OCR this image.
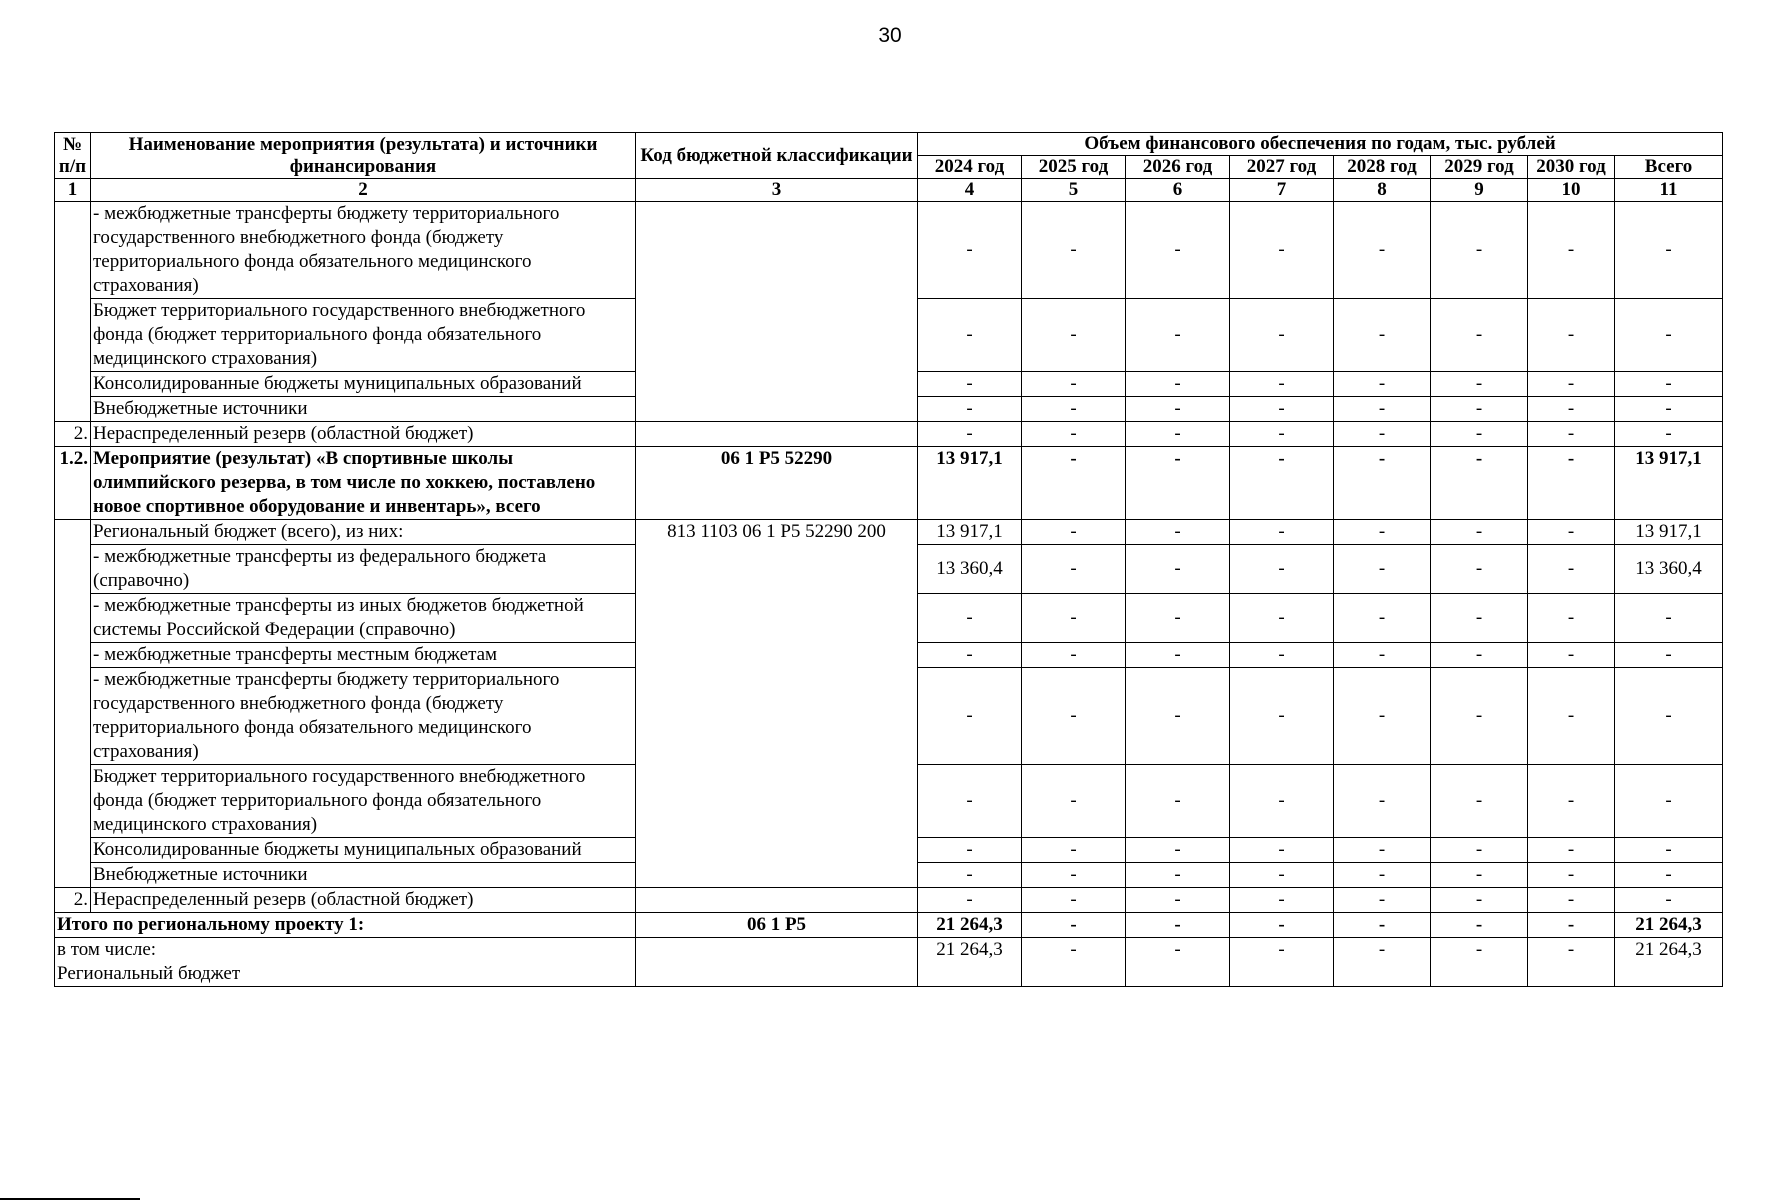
30
№ п/п	Наименование мероприятия (результата) и источники финансирования	Код бюджетной классификации	Объем финансового обеспечения по годам, тыс. рублей							
			2024 год	2025 год	2026 год	2027 год	2028 год	2029 год	2030 год	Всего
1	2	3	4	5	6	7	8	9	10	11
	- межбюджетные трансферты бюджету территориального государственного внебюджетного фонда (бюджету территориального фонда обязательного медицинского страхования)		-	-	-	-	-	-	-	-
	Бюджет территориального государственного внебюджетного фонда (бюджет территориального фонда обязательного медицинского страхования)		-	-	-	-	-	-	-	-
	Консолидированные бюджеты муниципальных образований		-	-	-	-	-	-	-	-
	Внебюджетные источники		-	-	-	-	-	-	-	-
2.	Нераспределенный резерв (областной бюджет)		-	-	-	-	-	-	-	-
1.2.	Мероприятие (результат) «В спортивные школы олимпийского резерва, в том числе по хоккею, поставлено новое спортивное оборудование и инвентарь», всего	06 1 P5 52290	13 917,1	-	-	-	-	-	-	13 917,1
	Региональный бюджет (всего), из них:	813 1103 06 1 P5 52290 200	13 917,1	-	-	-	-	-	-	13 917,1
	- межбюджетные трансферты из федерального бюджета (справочно)		13 360,4	-	-	-	-	-	-	13 360,4
	- межбюджетные трансферты из иных бюджетов бюджетной системы Российской Федерации (справочно)		-	-	-	-	-	-	-	-
	- межбюджетные трансферты местным бюджетам		-	-	-	-	-	-	-	-
	- межбюджетные трансферты бюджету территориального государственного внебюджетного фонда (бюджету территориального фонда обязательного медицинского страхования)		-	-	-	-	-	-	-	-
	Бюджет территориального государственного внебюджетного фонда (бюджет территориального фонда обязательного медицинского страхования)		-	-	-	-	-	-	-	-
	Консолидированные бюджеты муниципальных образований		-	-	-	-	-	-	-	-
	Внебюджетные источники		-	-	-	-	-	-	-	-
2.	Нераспределенный резерв (областной бюджет)		-	-	-	-	-	-	-	-
Итого по региональному проекту 1:		06 1 P5	21 264,3	-	-	-	-	-	-	21 264,3

в том числе:
Региональный бюджет			21 264,3	-	-	-	-	-	-	21 264,3
